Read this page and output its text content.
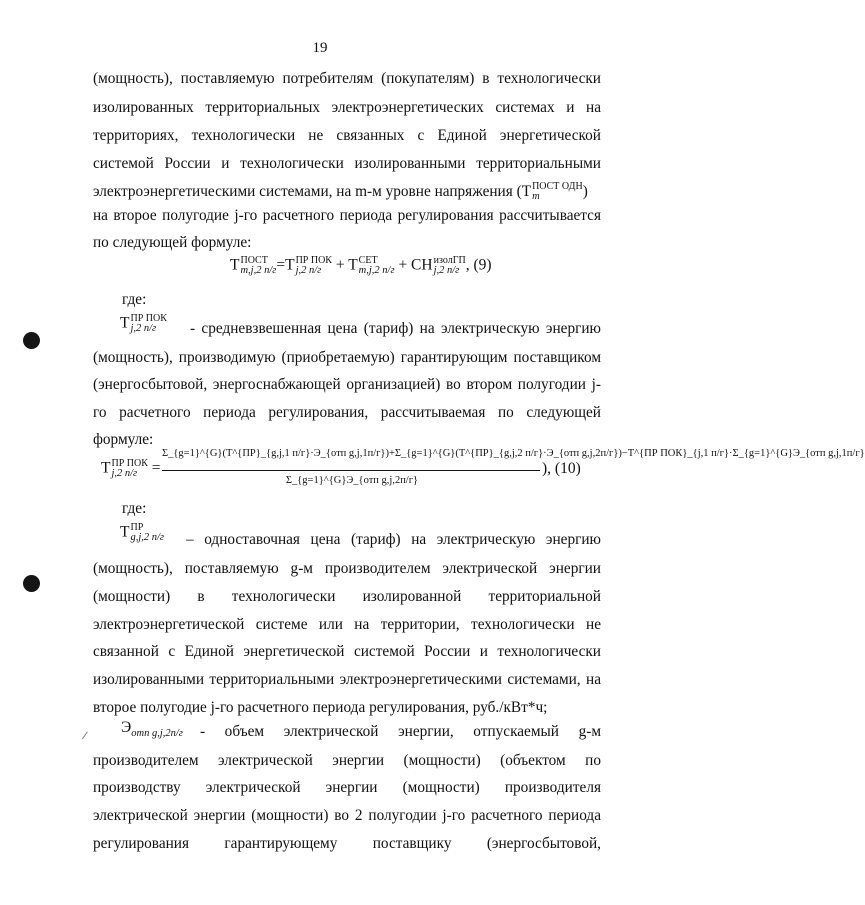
19
(мощность), поставляемую потребителям (покупателям) в технологически
изолированных территориальных электроэнергетических системах и на
территориях, технологически не связанных с Единой энергетической
системой России и технологически изолированными территориальными
электроэнергетическими системами, на m-м уровне напряжения (T ПОСТ ОДН
m	)
на второе полугодие j-го расчетного периода регулирования рассчитывается
по следующей формуле:
T ПОСТ
m,j,2 п/г =T ПР ПОК
j,2 п/г + T СЕТ
m,j,2 п/г + CH изолГП
j,2 п/г , (9)
где:
T ПР ПОК
j,2 п/г	- средневзвешенная цена (тариф) на электрическую энергию
(мощность), производимую (приобретаемую) гарантирующим поставщиком
(энергосбытовой, энергоснабжающей организацией) во втором полугодии j-
го расчетного периода регулирования, рассчитываемая по следующей
формуле:
T ПР ПОК
j,2 п/г =
Σ_{g=1}^{G}(T^{ПР}_{g,j,1 п/г}·Э_{отп g,j,1п/г})+Σ_{g=1}^{G}(T^{ПР}_{g,j,2 п/г}·Э_{отп g,j,2п/г})−T^{ПР ПОК}_{j,1 п/г}·Σ_{g=1}^{G}Э_{отп g,j,1п/г}
Σ_{g=1}^{G}Э_{отп g,j,2п/г}
), (10)
где:
T ПР
g,j,2 п/г – одноставочная цена (тариф) на электрическую энергию
(мощность), поставляемую g-м производителем электрической энергии
(мощности) в технологически изолированной территориальной
электроэнергетической системе или на территории, технологически не
связанной с Единой энергетической системой России и технологически
изолированными территориальными электроэнергетическими системами, на
второе полугодие j-го расчетного периода регулирования, руб./кВт*ч;
$Э_{отп g,j,2п/г}$ - объем электрической энергии, отпускаемый g-м
производителем электрической энергии (мощности) (объектом по
производству электрической энергии (мощности) производителя
электрической энергии (мощности) во 2 полугодии j-го расчетного периода
регулирования гарантирующему поставщику (энергосбытовой,
